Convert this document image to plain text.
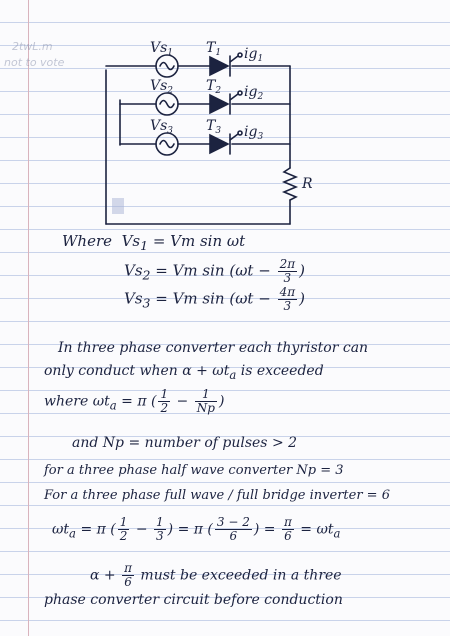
2twL.m
not to vote
$Vs_1$
$Vs_2$
$Vs_3$
$T_1$
$T_2$
$T_3$
$ig_1$
$ig_2$
$ig_3$
R
Where $Vs_1 = Vm$ sin ωt
$Vs_2 = Vm$ $\sin (\omega t - \frac{2\pi}{3}$ )
$Vs_3 = Vm$ $\sin (\omega t - \frac{4\pi}{3}$ )
In three phase converter each thyristor can
only conduct when $\alpha + \omega t_a$ is exceeded
where $\omega t_a = \pi$ ( $\frac{1}{2} - \frac{1}{Np}$ )
and Np = number of pulses > 2
for a three phase half wave converter Np = 3
For a three phase full wave / full bridge inverter = 6
$\omega t_a = \pi$ ( $\frac{1}{2} - \frac{1}{3}$ ) = π ( $\frac{3 - 2}{6}$ ) = $\frac{\pi}{6} = \omega t_a$
$\alpha + \frac{\pi}{6}$ must be exceeded in a three
phase converter circuit before conduction
